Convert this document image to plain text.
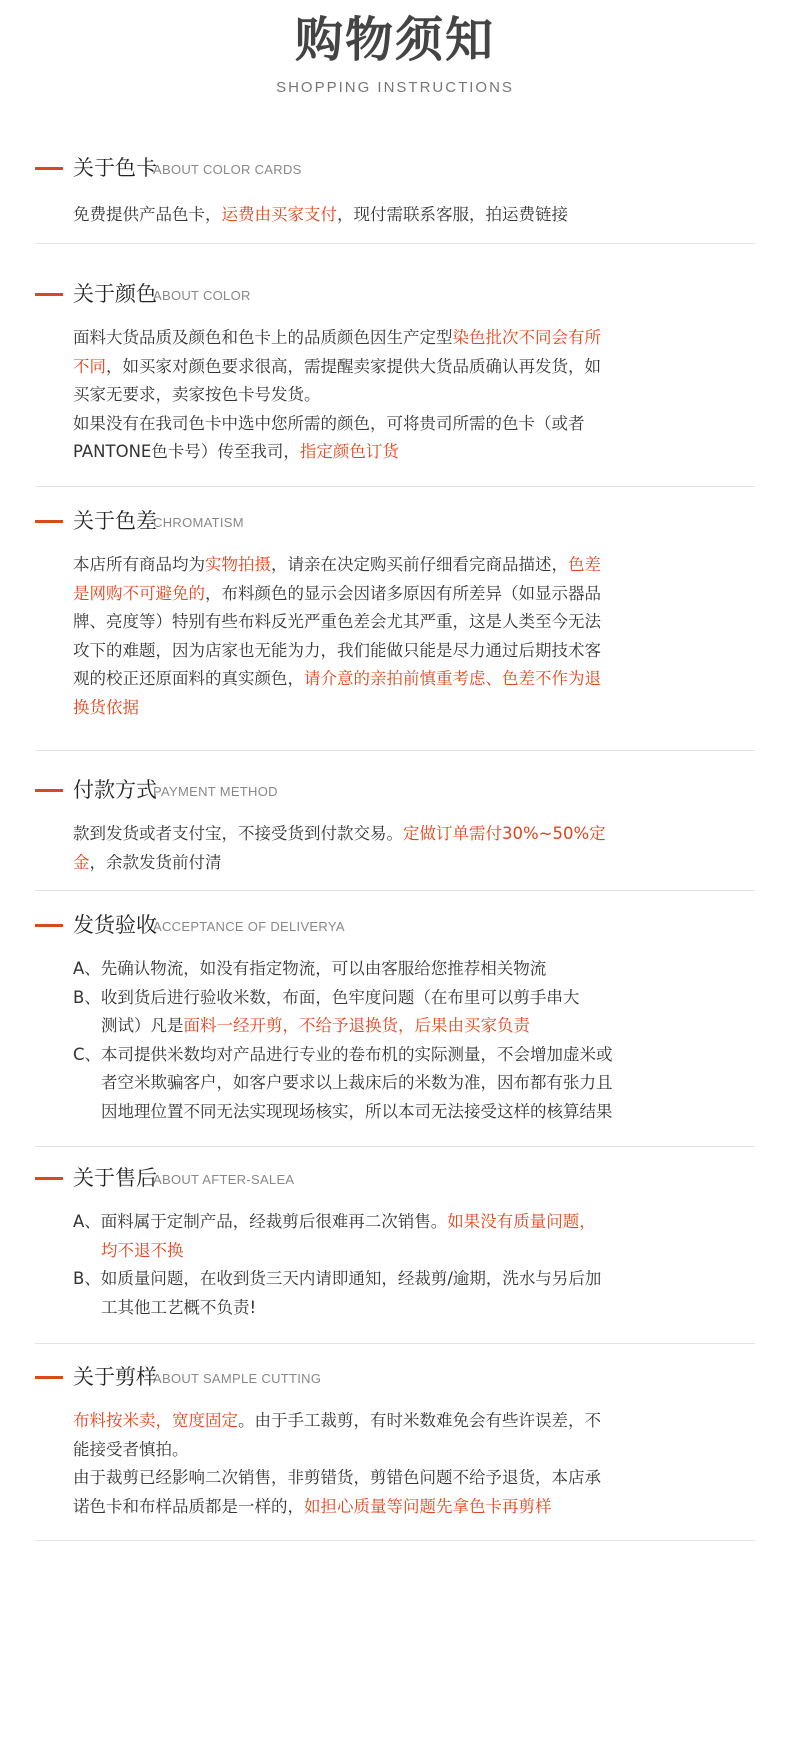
购物须知
SHOPPING INSTRUCTIONS
关于色卡
ABOUT COLOR CARDS
免费提供产品色卡，运费由买家支付，现付需联系客服，拍运费链接
关于颜色
ABOUT COLOR
面料大货品质及颜色和色卡上的品质颜色因生产定型染色批次不同会有所
不同，如买家对颜色要求很高，需提醒卖家提供大货品质确认再发货，如
买家无要求，卖家按色卡号发货。
如果没有在我司色卡中选中您所需的颜色，可将贵司所需的色卡（或者
PANTONE色卡号）传至我司，指定颜色订货
关于色差
CHROMATISM
本店所有商品均为实物拍摄，请亲在决定购买前仔细看完商品描述，色差
是网购不可避免的，布料颜色的显示会因诸多原因有所差异（如显示器品
牌、亮度等）特别有些布料反光严重色差会尤其严重，这是人类至今无法
攻下的难题，因为店家也无能为力，我们能做只能是尽力通过后期技术客
观的校正还原面料的真实颜色，请介意的亲拍前慎重考虑、色差不作为退
换货依据
付款方式
PAYMENT METHOD
款到发货或者支付宝，不接受货到付款交易。定做订单需付30%~50%定
金，余款发货前付清
发货验收
ACCEPTANCE OF DELIVERYA
A、先确认物流，如没有指定物流，可以由客服给您推荐相关物流
B、收到货后进行验收米数，布面，色牢度问题（在布里可以剪手串大
测试）凡是面料一经开剪，不给予退换货，后果由买家负责
C、本司提供米数均对产品进行专业的卷布机的实际测量，不会增加虚米或
者空米欺骗客户，如客户要求以上裁床后的米数为准，因布都有张力且
因地理位置不同无法实现现场核实，所以本司无法接受这样的核算结果
关于售后
ABOUT AFTER-SALEA
A、面料属于定制产品，经裁剪后很难再二次销售。如果没有质量问题，
均不退不换
B、如质量问题，在收到货三天内请即通知，经裁剪/逾期，洗水与另后加
工其他工艺概不负责!
关于剪样
ABOUT SAMPLE CUTTING
布料按米卖，宽度固定。由于手工裁剪，有时米数难免会有些许误差，不
能接受者慎拍。
由于裁剪已经影响二次销售，非剪错货，剪错色问题不给予退货，本店承
诺色卡和布样品质都是一样的，如担心质量等问题先拿色卡再剪样
